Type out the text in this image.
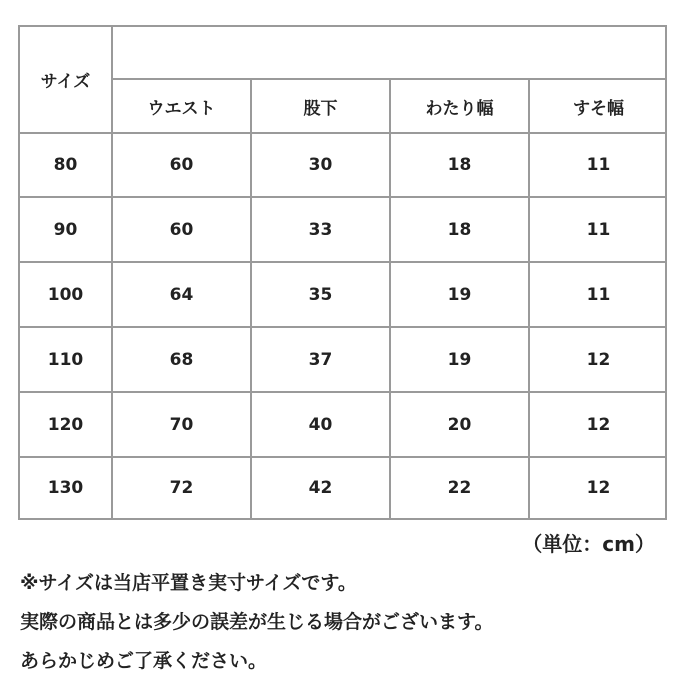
サイズ
ウエスト	股下	わたり幅	すそ幅
80	60	30	18	11
90	60	33	18	11
100	64	35	19	11
110	68	37	19	12
120	70	40	20	12
130	72	42	22	12
（単位：cm）
※サイズは当店平置き実寸サイズです。
実際の商品とは多少の誤差が生じる場合がございます。
あらかじめご了承ください。
